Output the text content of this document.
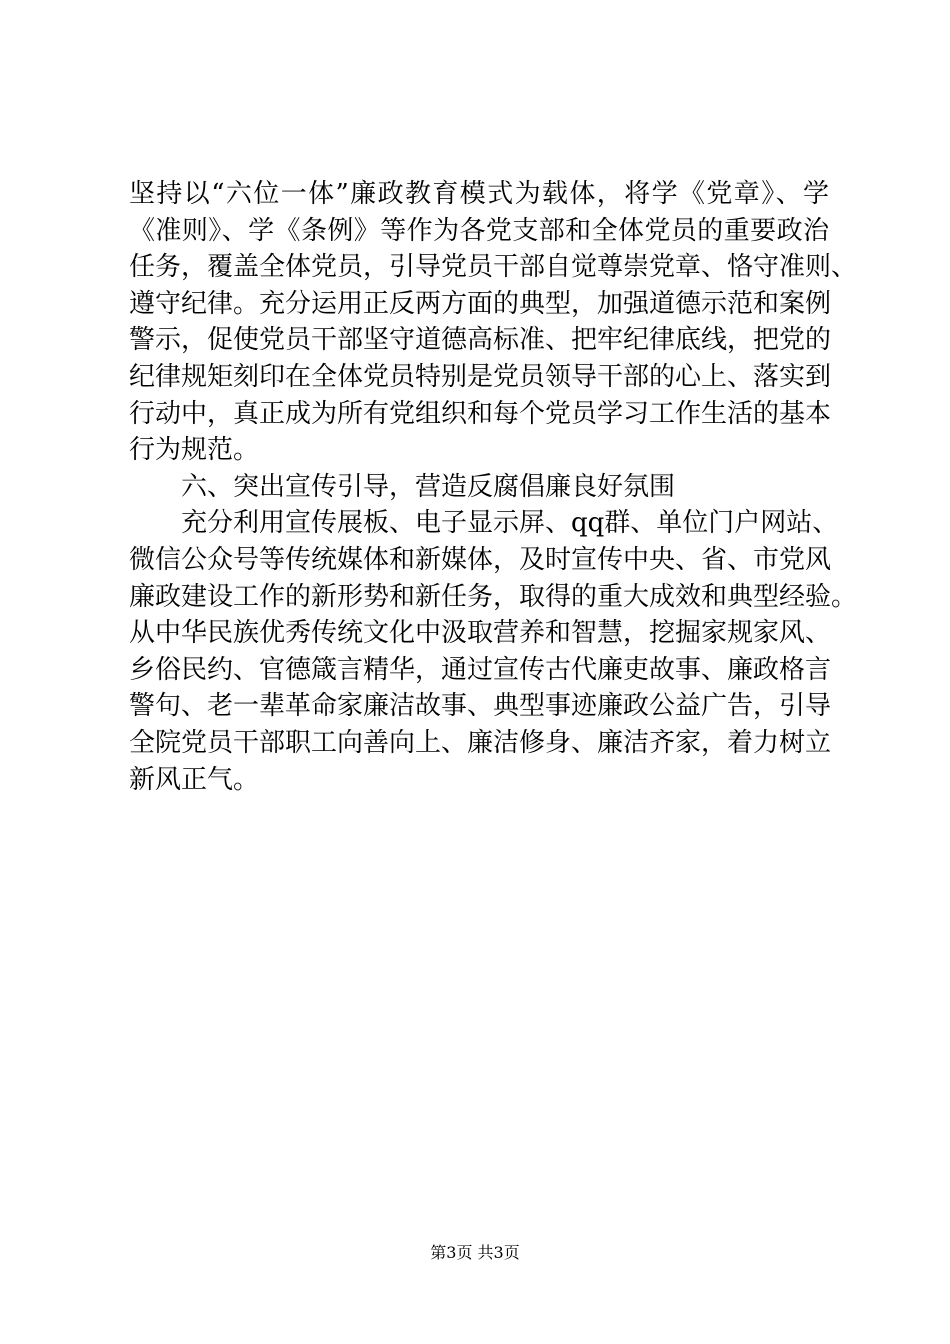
坚持以“六位一体”廉政教育模式为载体，将学《党章》、学
《准则》、学《条例》等作为各党支部和全体党员的重要政治
任务，覆盖全体党员，引导党员干部自觉尊崇党章、恪守准则、
遵守纪律。充分运用正反两方面的典型，加强道德示范和案例
警示，促使党员干部坚守道德高标准、把牢纪律底线，把党的
纪律规矩刻印在全体党员特别是党员领导干部的心上、落实到
行动中，真正成为所有党组织和每个党员学习工作生活的基本
行为规范。
六、突出宣传引导，营造反腐倡廉良好氛围
充分利用宣传展板、电子显示屏、qq群、单位门户网站、
微信公众号等传统媒体和新媒体，及时宣传中央、省、市党风
廉政建设工作的新形势和新任务，取得的重大成效和典型经验。
从中华民族优秀传统文化中汲取营养和智慧，挖掘家规家风、
乡俗民约、官德箴言精华，通过宣传古代廉吏故事、廉政格言
警句、老一辈革命家廉洁故事、典型事迹廉政公益广告，引导
全院党员干部职工向善向上、廉洁修身、廉洁齐家，着力树立
新风正气。
第3页 共3页
